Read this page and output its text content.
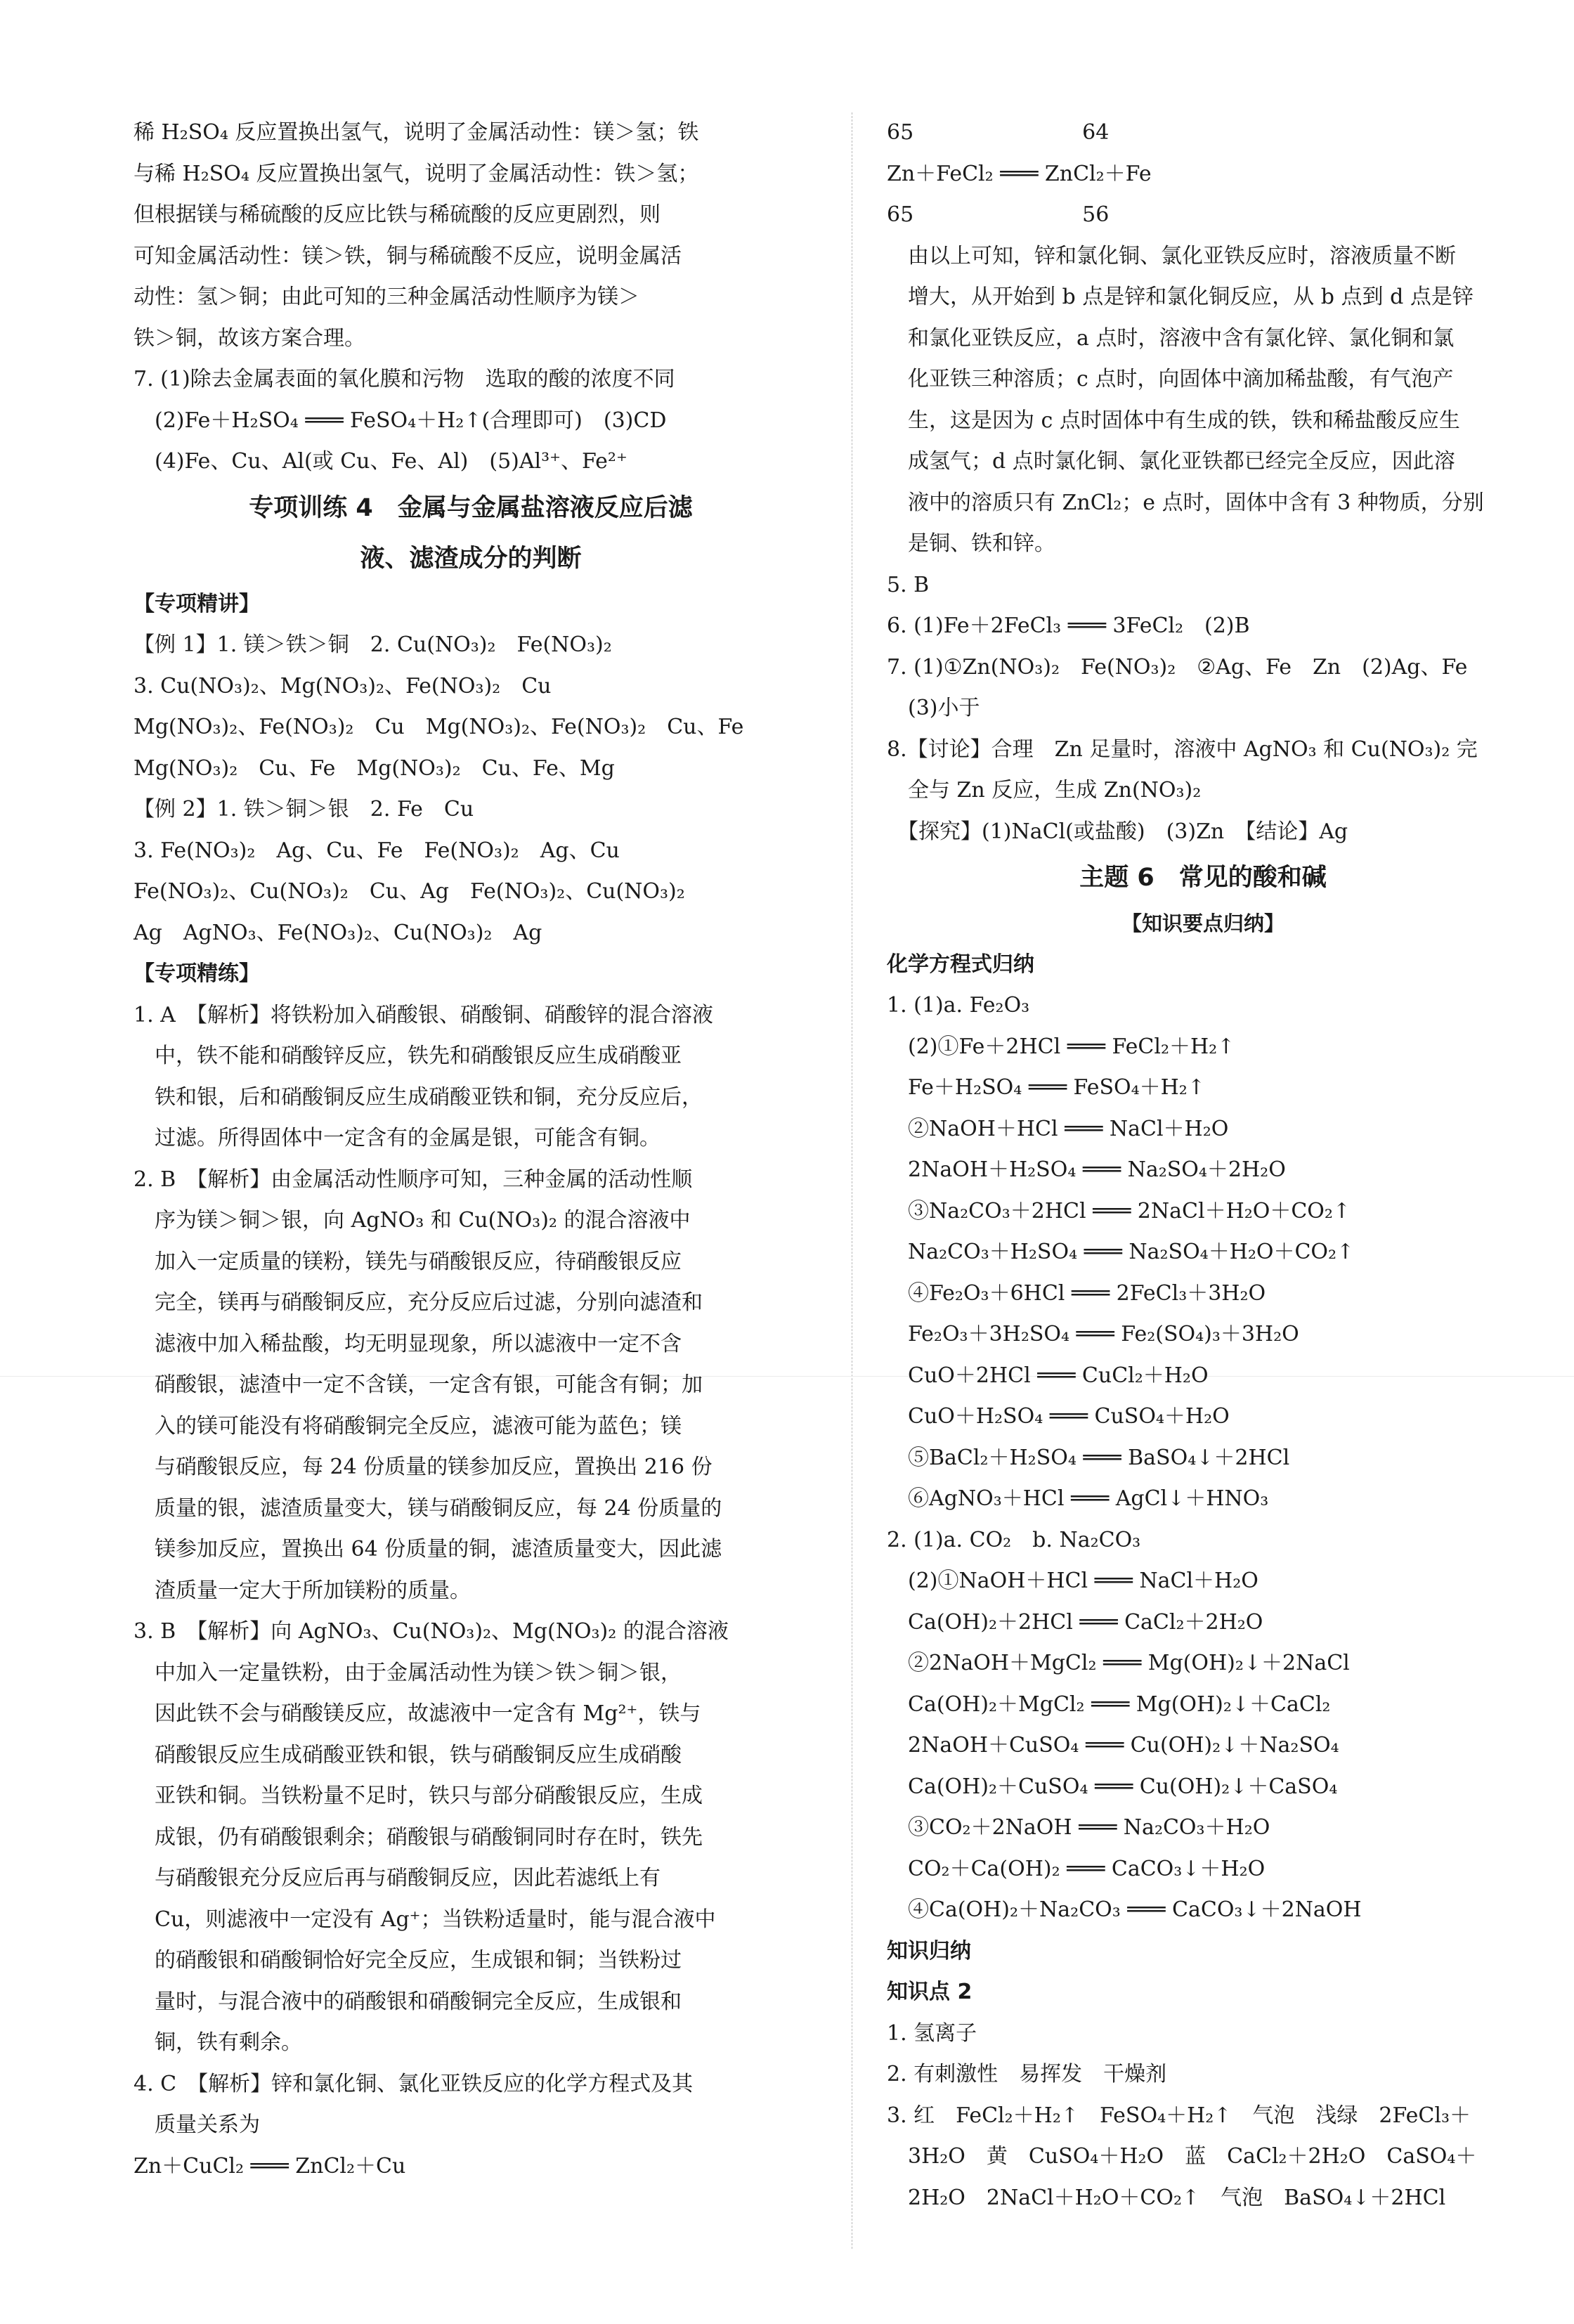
稀 H₂SO₄ 反应置换出氢气，说明了金属活动性：镁＞氢；铁
与稀 H₂SO₄ 反应置换出氢气，说明了金属活动性：铁＞氢；
但根据镁与稀硫酸的反应比铁与稀硫酸的反应更剧烈，则
可知金属活动性：镁＞铁，铜与稀硫酸不反应，说明金属活
动性：氢＞铜；由此可知的三种金属活动性顺序为镁＞
铁＞铜，故该方案合理。
7. (1)除去金属表面的氧化膜和污物　选取的酸的浓度不同
　(2)Fe＋H₂SO₄ ═══ FeSO₄＋H₂↑(合理即可)　(3)CD
　(4)Fe、Cu、Al(或 Cu、Fe、Al)　(5)Al³⁺、Fe²⁺
专项训练 4　金属与金属盐溶液反应后滤
液、滤渣成分的判断
【专项精讲】
【例 1】1. 镁＞铁＞铜　2. Cu(NO₃)₂　Fe(NO₃)₂
3. Cu(NO₃)₂、Mg(NO₃)₂、Fe(NO₃)₂　Cu
Mg(NO₃)₂、Fe(NO₃)₂　Cu　Mg(NO₃)₂、Fe(NO₃)₂　Cu、Fe
Mg(NO₃)₂　Cu、Fe　Mg(NO₃)₂　Cu、Fe、Mg
【例 2】1. 铁＞铜＞银　2. Fe　Cu
3. Fe(NO₃)₂　Ag、Cu、Fe　Fe(NO₃)₂　Ag、Cu
Fe(NO₃)₂、Cu(NO₃)₂　Cu、Ag　Fe(NO₃)₂、Cu(NO₃)₂
Ag　AgNO₃、Fe(NO₃)₂、Cu(NO₃)₂　Ag
【专项精练】
1. A　【解析】将铁粉加入硝酸银、硝酸铜、硝酸锌的混合溶液
　中，铁不能和硝酸锌反应，铁先和硝酸银反应生成硝酸亚
　铁和银，后和硝酸铜反应生成硝酸亚铁和铜，充分反应后，
　过滤。所得固体中一定含有的金属是银，可能含有铜。
2. B　【解析】由金属活动性顺序可知，三种金属的活动性顺
　序为镁＞铜＞银，向 AgNO₃ 和 Cu(NO₃)₂ 的混合溶液中
　加入一定质量的镁粉，镁先与硝酸银反应，待硝酸银反应
　完全，镁再与硝酸铜反应，充分反应后过滤，分别向滤渣和
　滤液中加入稀盐酸，均无明显现象，所以滤液中一定不含
　硝酸银，滤渣中一定不含镁，一定含有银，可能含有铜；加
　入的镁可能没有将硝酸铜完全反应，滤液可能为蓝色；镁
　与硝酸银反应，每 24 份质量的镁参加反应，置换出 216 份
　质量的银，滤渣质量变大，镁与硝酸铜反应，每 24 份质量的
　镁参加反应，置换出 64 份质量的铜，滤渣质量变大，因此滤
　渣质量一定大于所加镁粉的质量。
3. B　【解析】向 AgNO₃、Cu(NO₃)₂、Mg(NO₃)₂ 的混合溶液
　中加入一定量铁粉，由于金属活动性为镁＞铁＞铜＞银，
　因此铁不会与硝酸镁反应，故滤液中一定含有 Mg²⁺，铁与
　硝酸银反应生成硝酸亚铁和银，铁与硝酸铜反应生成硝酸
　亚铁和铜。当铁粉量不足时，铁只与部分硝酸银反应，生成
　成银，仍有硝酸银剩余；硝酸银与硝酸铜同时存在时，铁先
　与硝酸银充分反应后再与硝酸铜反应，因此若滤纸上有
　Cu，则滤液中一定没有 Ag⁺；当铁粉适量时，能与混合液中
　的硝酸银和硝酸铜恰好完全反应，生成银和铜；当铁粉过
　量时，与混合液中的硝酸银和硝酸铜完全反应，生成银和
　铜，铁有剩余。
4. C　【解析】锌和氯化铜、氯化亚铁反应的化学方程式及其
　质量关系为
Zn＋CuCl₂ ═══ ZnCl₂＋Cu
65　　　　　　　　64
Zn＋FeCl₂ ═══ ZnCl₂＋Fe
65　　　　　　　　56
　由以上可知，锌和氯化铜、氯化亚铁反应时，溶液质量不断
　增大，从开始到 b 点是锌和氯化铜反应，从 b 点到 d 点是锌
　和氯化亚铁反应，a 点时，溶液中含有氯化锌、氯化铜和氯
　化亚铁三种溶质；c 点时，向固体中滴加稀盐酸，有气泡产
　生，这是因为 c 点时固体中有生成的铁，铁和稀盐酸反应生
　成氢气；d 点时氯化铜、氯化亚铁都已经完全反应，因此溶
　液中的溶质只有 ZnCl₂；e 点时，固体中含有 3 种物质，分别
　是铜、铁和锌。
5. B
6. (1)Fe＋2FeCl₃ ═══ 3FeCl₂　(2)B
7. (1)①Zn(NO₃)₂　Fe(NO₃)₂　②Ag、Fe　Zn　(2)Ag、Fe
　(3)小于
8.【讨论】合理　Zn 足量时，溶液中 AgNO₃ 和 Cu(NO₃)₂ 完
　全与 Zn 反应，生成 Zn(NO₃)₂
　【探究】(1)NaCl(或盐酸)　(3)Zn　【结论】Ag
主题 6　常见的酸和碱
【知识要点归纳】
化学方程式归纳
1. (1)a. Fe₂O₃
　(2)①Fe＋2HCl ═══ FeCl₂＋H₂↑
　Fe＋H₂SO₄ ═══ FeSO₄＋H₂↑
　②NaOH＋HCl ═══ NaCl＋H₂O
　2NaOH＋H₂SO₄ ═══ Na₂SO₄＋2H₂O
　③Na₂CO₃＋2HCl ═══ 2NaCl＋H₂O＋CO₂↑
　Na₂CO₃＋H₂SO₄ ═══ Na₂SO₄＋H₂O＋CO₂↑
　④Fe₂O₃＋6HCl ═══ 2FeCl₃＋3H₂O
　Fe₂O₃＋3H₂SO₄ ═══ Fe₂(SO₄)₃＋3H₂O
　CuO＋2HCl ═══ CuCl₂＋H₂O
　CuO＋H₂SO₄ ═══ CuSO₄＋H₂O
　⑤BaCl₂＋H₂SO₄ ═══ BaSO₄↓＋2HCl
　⑥AgNO₃＋HCl ═══ AgCl↓＋HNO₃
2. (1)a. CO₂　b. Na₂CO₃
　(2)①NaOH＋HCl ═══ NaCl＋H₂O
　Ca(OH)₂＋2HCl ═══ CaCl₂＋2H₂O
　②2NaOH＋MgCl₂ ═══ Mg(OH)₂↓＋2NaCl
　Ca(OH)₂＋MgCl₂ ═══ Mg(OH)₂↓＋CaCl₂
　2NaOH＋CuSO₄ ═══ Cu(OH)₂↓＋Na₂SO₄
　Ca(OH)₂＋CuSO₄ ═══ Cu(OH)₂↓＋CaSO₄
　③CO₂＋2NaOH ═══ Na₂CO₃＋H₂O
　CO₂＋Ca(OH)₂ ═══ CaCO₃↓＋H₂O
　④Ca(OH)₂＋Na₂CO₃ ═══ CaCO₃↓＋2NaOH
知识归纳
知识点 2
1. 氢离子
2. 有刺激性　易挥发　干燥剂
3. 红　FeCl₂＋H₂↑　FeSO₄＋H₂↑　气泡　浅绿　2FeCl₃＋
　3H₂O　黄　CuSO₄＋H₂O　蓝　CaCl₂＋2H₂O　CaSO₄＋
　2H₂O　2NaCl＋H₂O＋CO₂↑　气泡　BaSO₄↓＋2HCl
